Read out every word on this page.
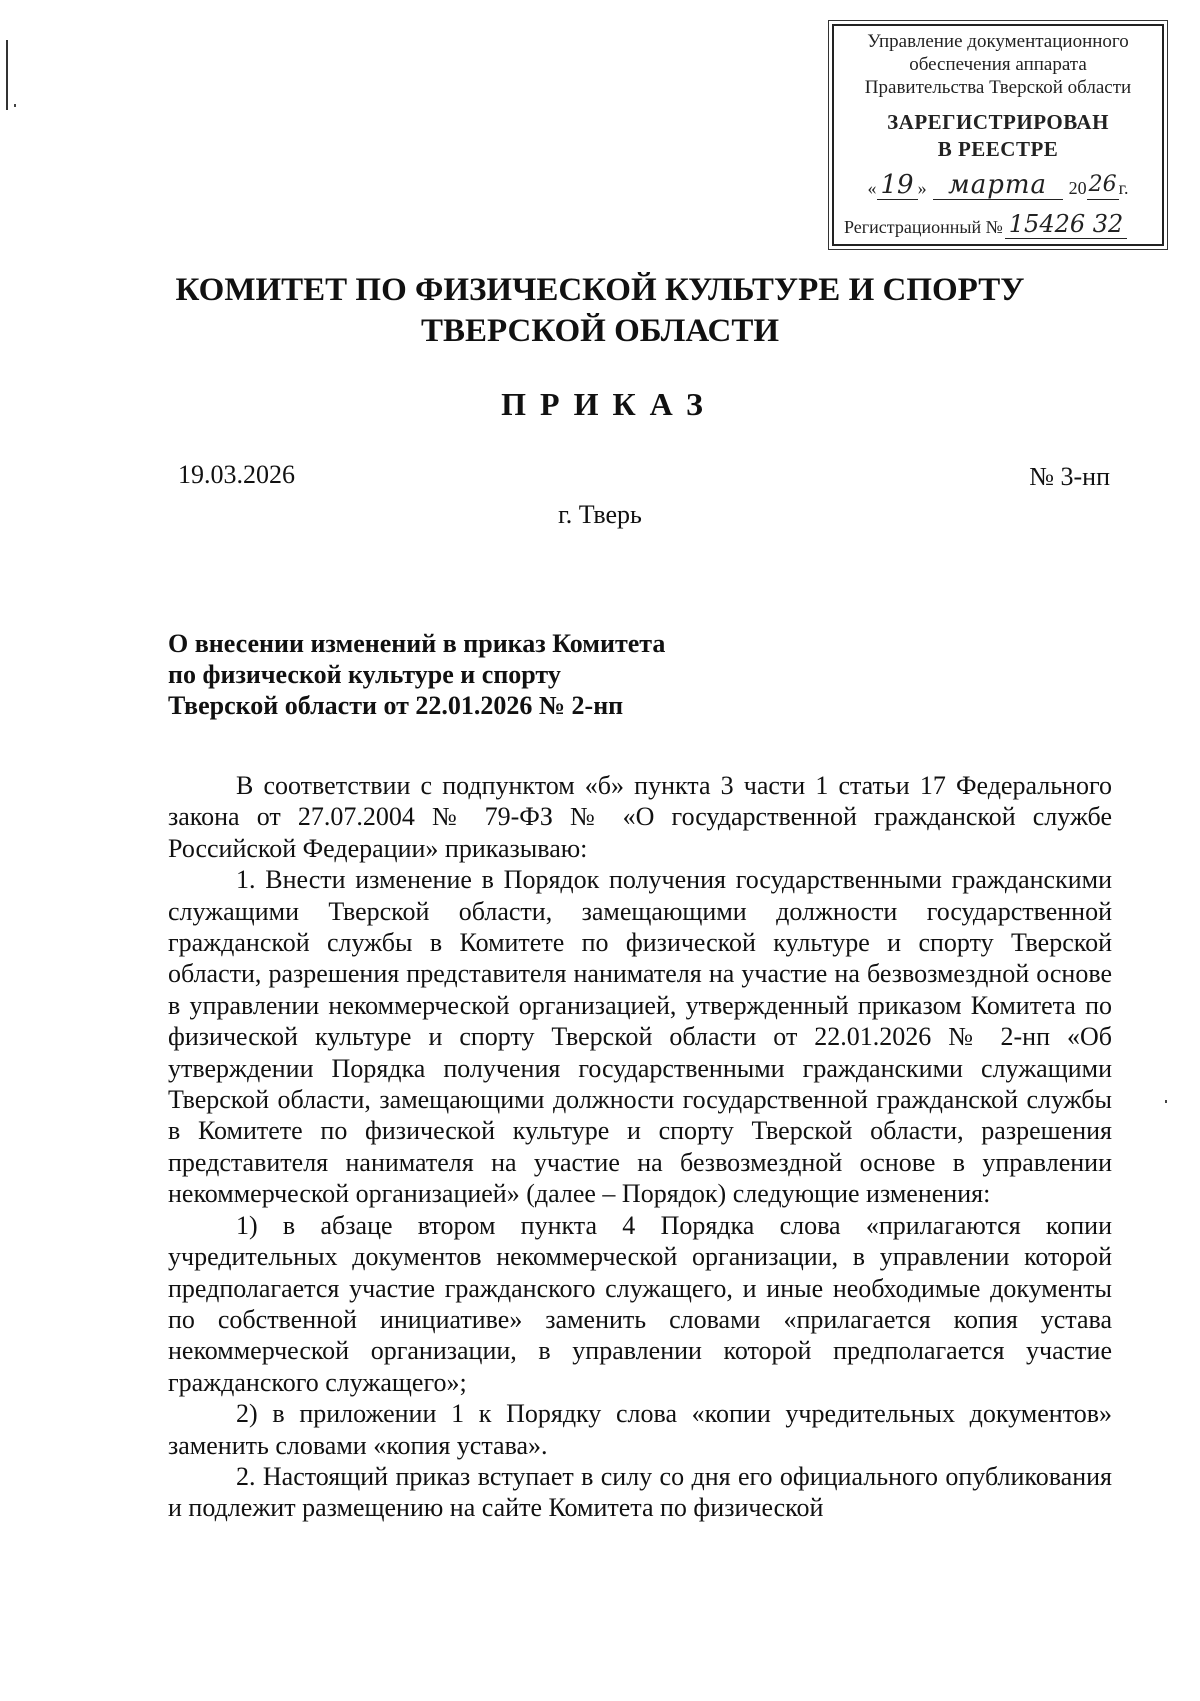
Управление документационного
обеспечения аппарата
Правительства Тверской области
ЗАРЕГИСТРИРОВАН
В РЕЕСТРЕ
« 19 » марта	20 26 г.
Регистрационный № 15426 32
КОМИТЕТ ПО ФИЗИЧЕСКОЙ КУЛЬТУРЕ И СПОРТУ
ТВЕРСКОЙ ОБЛАСТИ
ПРИКАЗ
19.03.2026	№ 3-нп
г. Тверь
О внесении изменений в приказ Комитета
по физической культуре и спорту
Тверской области от 22.01.2026 № 2-нп

В соответствии с подпунктом «б» пункта 3 части 1 статьи 17 Федерального закона от 27.07.2004 № 79-ФЗ № «О государственной гражданской службе Российской Федерации» приказываю:

1. Внести изменение в Порядок получения государственными гражданскими служащими Тверской области, замещающими должности государственной гражданской службы в Комитете по физической культуре и спорту Тверской области, разрешения представителя нанимателя на участие на безвозмездной основе в управлении некоммерческой организацией, утвержденный приказом Комитета по физической культуре и спорту Тверской области от 22.01.2026 № 2-нп «Об утверждении Порядка получения государственными гражданскими служащими Тверской области, замещающими должности государственной гражданской службы в Комитете по физической культуре и спорту Тверской области, разрешения представителя нанимателя на участие на безвозмездной основе в управлении некоммерческой организацией» (далее – Порядок) следующие изменения:

1) в абзаце втором пункта 4 Порядка слова «прилагаются копии учредительных документов некоммерческой организации, в управлении которой предполагается участие гражданского служащего, и иные необходимые документы по собственной инициативе» заменить словами «прилагается копия устава некоммерческой организации, в управлении которой предполагается участие гражданского служащего»;

2) в приложении 1 к Порядку слова «копии учредительных документов» заменить словами «копия устава».

2. Настоящий приказ вступает в силу со дня его официального опубликования и подлежит размещению на сайте Комитета по физической
